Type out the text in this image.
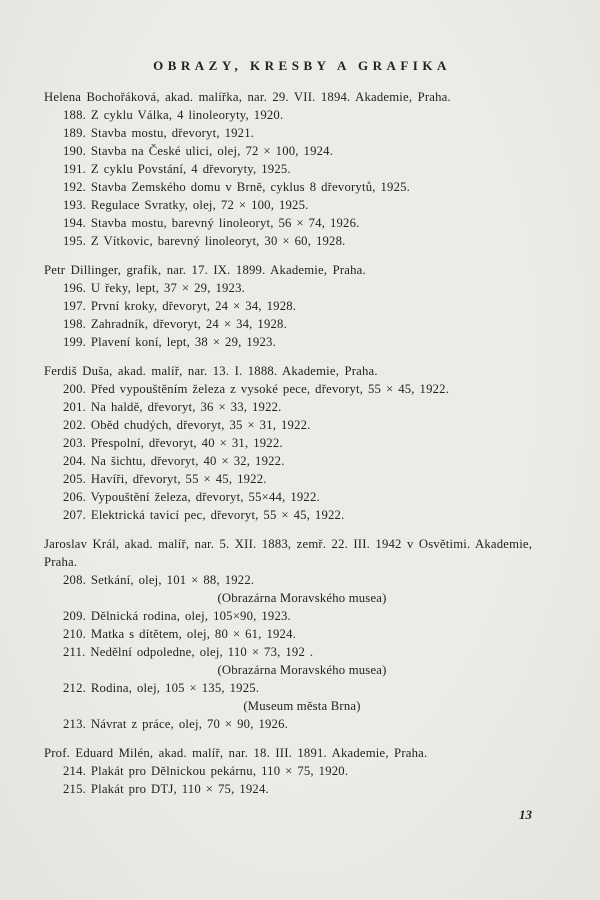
OBRAZY, KRESBY A GRAFIKA

Helena Bochořáková, akad. malířka, nar. 29. VII. 1894. Akademie, Praha.

188. Z cyklu Válka, 4 linoleoryty, 1920.

189. Stavba mostu, dřevoryt, 1921.

190. Stavba na České ulici, olej, 72 × 100, 1924.

191. Z cyklu Povstání, 4 dřevoryty, 1925.

192. Stavba Zemského domu v Brně, cyklus 8 dřevorytů, 1925.

193. Regulace Svratky, olej, 72 × 100, 1925.

194. Stavba mostu, barevný linoleoryt, 56 × 74, 1926.

195. Z Vítkovic, barevný linoleoryt, 30 × 60, 1928.

Petr Dillinger, grafik, nar. 17. IX. 1899. Akademie, Praha.

196. U řeky, lept, 37 × 29, 1923.

197. První kroky, dřevoryt, 24 × 34, 1928.

198. Zahradník, dřevoryt, 24 × 34, 1928.

199. Plavení koní, lept, 38 × 29, 1923.

Ferdiš Duša, akad. malíř, nar. 13. I. 1888. Akademie, Praha.

200. Před vypouštěním železa z vysoké pece, dřevoryt, 55 × 45, 1922.

201. Na haldě, dřevoryt, 36 × 33, 1922.

202. Oběd chudých, dřevoryt, 35 × 31, 1922.

203. Přespolní, dřevoryt, 40 × 31, 1922.

204. Na šichtu, dřevoryt, 40 × 32, 1922.

205. Havíři, dřevoryt, 55 × 45, 1922.

206. Vypouštění železa, dřevoryt, 55×44, 1922.

207. Elektrická tavicí pec, dřevoryt, 55 × 45, 1922.

Jaroslav Král, akad. malíř, nar. 5. XII. 1883, zemř. 22. III. 1942 v Osvětimi. Akademie, Praha.

208. Setkání, olej, 101 × 88, 1922.

(Obrazárna Moravského musea)

209. Dělnická rodina, olej, 105×90, 1923.

210. Matka s dítětem, olej, 80 × 61, 1924.

211. Nedělní odpoledne, olej, 110 × 73, 192 .

(Obrazárna Moravského musea)

212. Rodina, olej, 105 × 135, 1925.

(Museum města Brna)

213. Návrat z práce, olej, 70 × 90, 1926.

Prof. Eduard Milén, akad. malíř, nar. 18. III. 1891. Akademie, Praha.

214. Plakát pro Dělnickou pekárnu, 110 × 75, 1920.

215. Plakát pro DTJ, 110 × 75, 1924.

13
